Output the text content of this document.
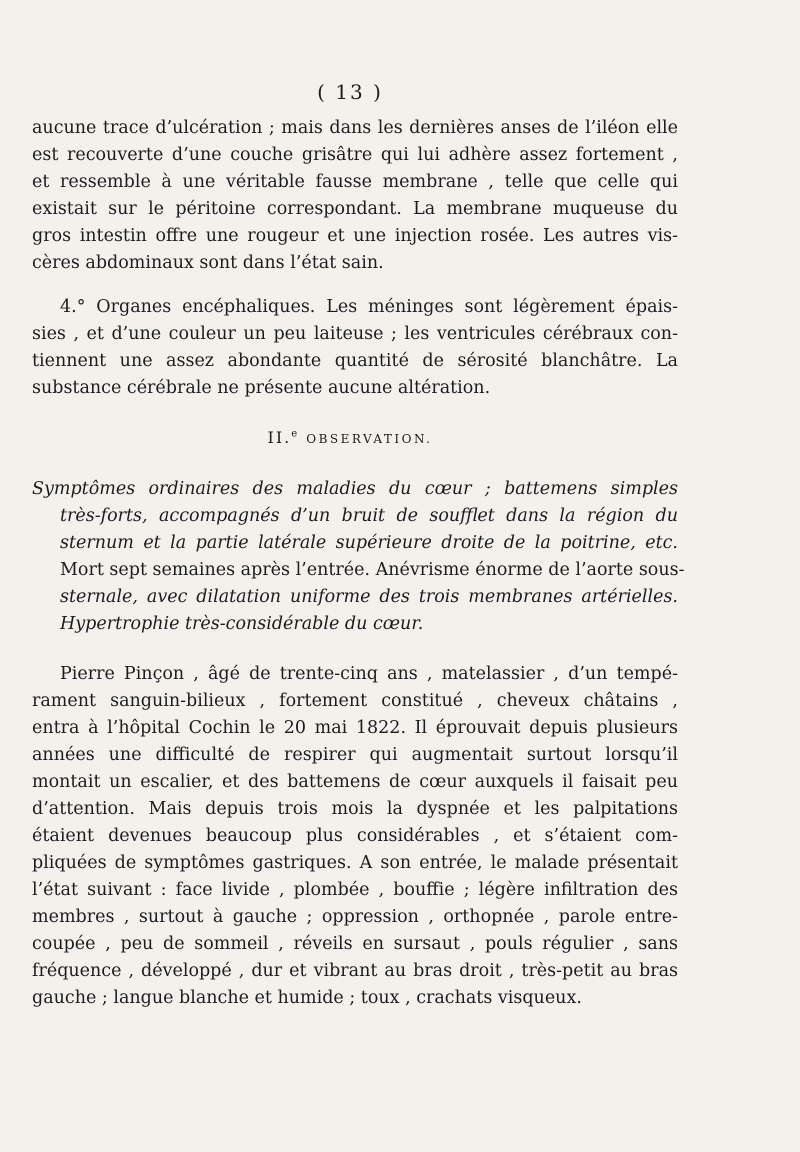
( 13 )
aucune trace d’ulcération ; mais dans les dernières anses de l’iléon elle
est recouverte d’une couche grisâtre qui lui adhère assez fortement ,
et ressemble à une véritable fausse membrane , telle que celle qui
existait sur le péritoine correspondant. La membrane muqueuse du
gros intestin offre une rougeur et une injection rosée. Les autres vis-
cères abdominaux sont dans l’état sain.
4.° Organes encéphaliques. Les méninges sont légèrement épais-
sies , et d’une couleur un peu laiteuse ; les ventricules cérébraux con-
tiennent une assez abondante quantité de sérosité blanchâtre. La
substance cérébrale ne présente aucune altération.
II.$^e$ OBSERVATION.
Symptômes ordinaires des maladies du cœur ; battemens simples
très-forts, accompagnés d’un bruit de soufflet dans la région du
sternum et la partie latérale supérieure droite de la poitrine, etc.
Mort sept semaines après l’entrée. Anévrisme énorme de l’aorte sous-
sternale, avec dilatation uniforme des trois membranes artérielles.
Hypertrophie très-considérable du cœur.
Pierre Pinçon , âgé de trente-cinq ans , matelassier , d’un tempé-
rament sanguin-bilieux , fortement constitué , cheveux châtains ,
entra à l’hôpital Cochin le 20 mai 1822. Il éprouvait depuis plusieurs
années une difficulté de respirer qui augmentait surtout lorsqu’il
montait un escalier, et des battemens de cœur auxquels il faisait peu
d’attention. Mais depuis trois mois la dyspnée et les palpitations
étaient devenues beaucoup plus considérables , et s’étaient com-
pliquées de symptômes gastriques. A son entrée, le malade présentait
l’état suivant : face livide , plombée , bouffie ; légère infiltration des
membres , surtout à gauche ; oppression , orthopnée , parole entre-
coupée , peu de sommeil , réveils en sursaut , pouls régulier , sans
fréquence , développé , dur et vibrant au bras droit , très-petit au bras
gauche ; langue blanche et humide ; toux , crachats visqueux.
